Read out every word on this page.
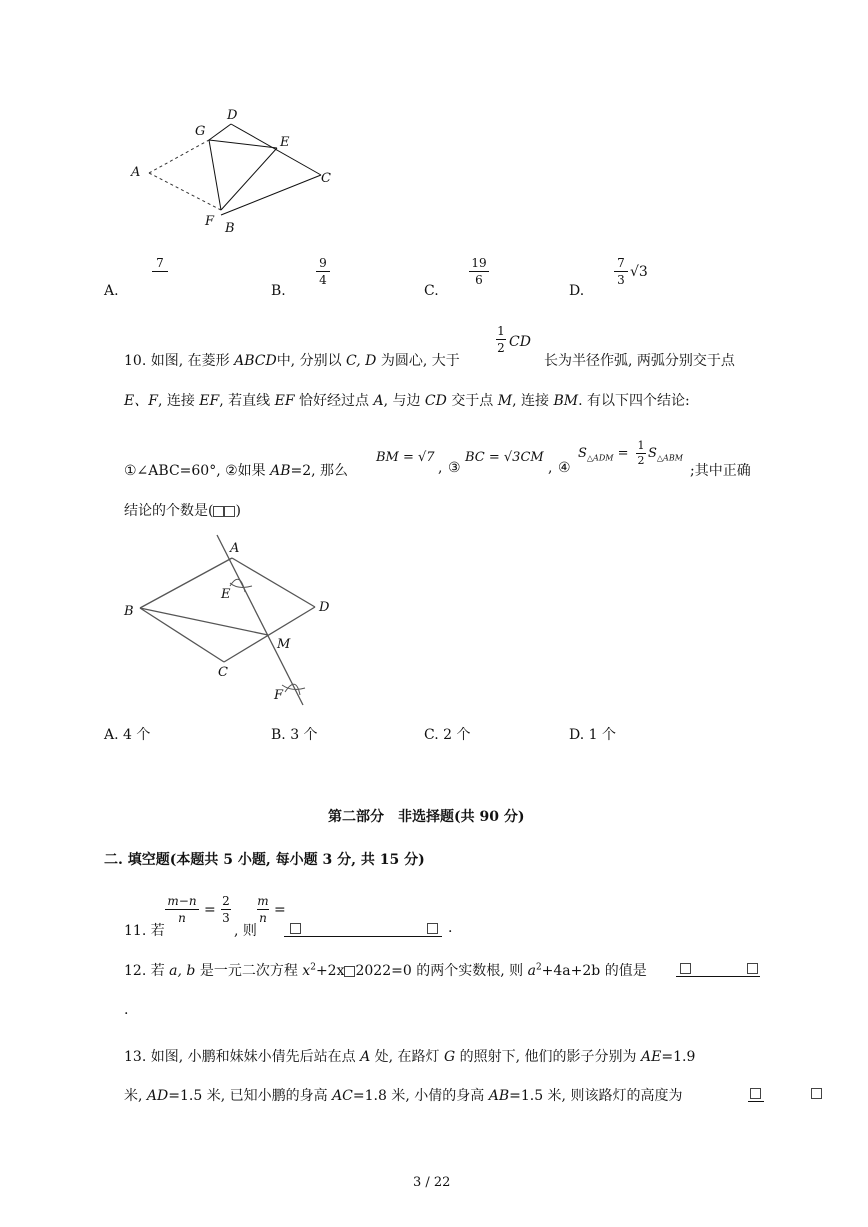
D
G
E
A	C
F B
A.
7
B.
9
4
C.
19
6
D.
7
3 √3
10. 如图, 在菱形 ABCD中, 分别以 C, D 为圆心, 大于
1
2 CD
长为半径作弧, 两弧分别交于点
E、F, 连接 EF, 若直线 EF 恰好经过点 A, 与边 CD 交于点 M, 连接 BM. 有以下四个结论:
①∠ABC=60°, ②如果 AB=2, 那么
BM = √7
, ③
BC = √3CM
, ④
$S_{\triangle ADM}$ =
1
2 $S_{\triangle ABM}$
;其中正确
结论的个数是( )
A
E
B	D
M
C
F
A. 4 个	B. 3 个	C. 2 个	D. 1 个
第二部分　非选择题(共 90 分)
二. 填空题(本题共 5 小题, 每小题 3 分, 共 15 分)
11. 若
m−n
n	=
2
3
, 则
m
n =
.
12. 若 a, b 是一元二次方程 $x^2+2x$ 2022=0 的两个实数根, 则 $a^2+4a+2b$ 的值是
.
13. 如图, 小鹏和妹妹小倩先后站在点 A 处, 在路灯 G 的照射下, 他们的影子分别为 AE=1.9
米, AD=1.5 米, 已知小鹏的身高 AC=1.8 米, 小倩的身高 AB=1.5 米, 则该路灯的高度为
3 / 22
